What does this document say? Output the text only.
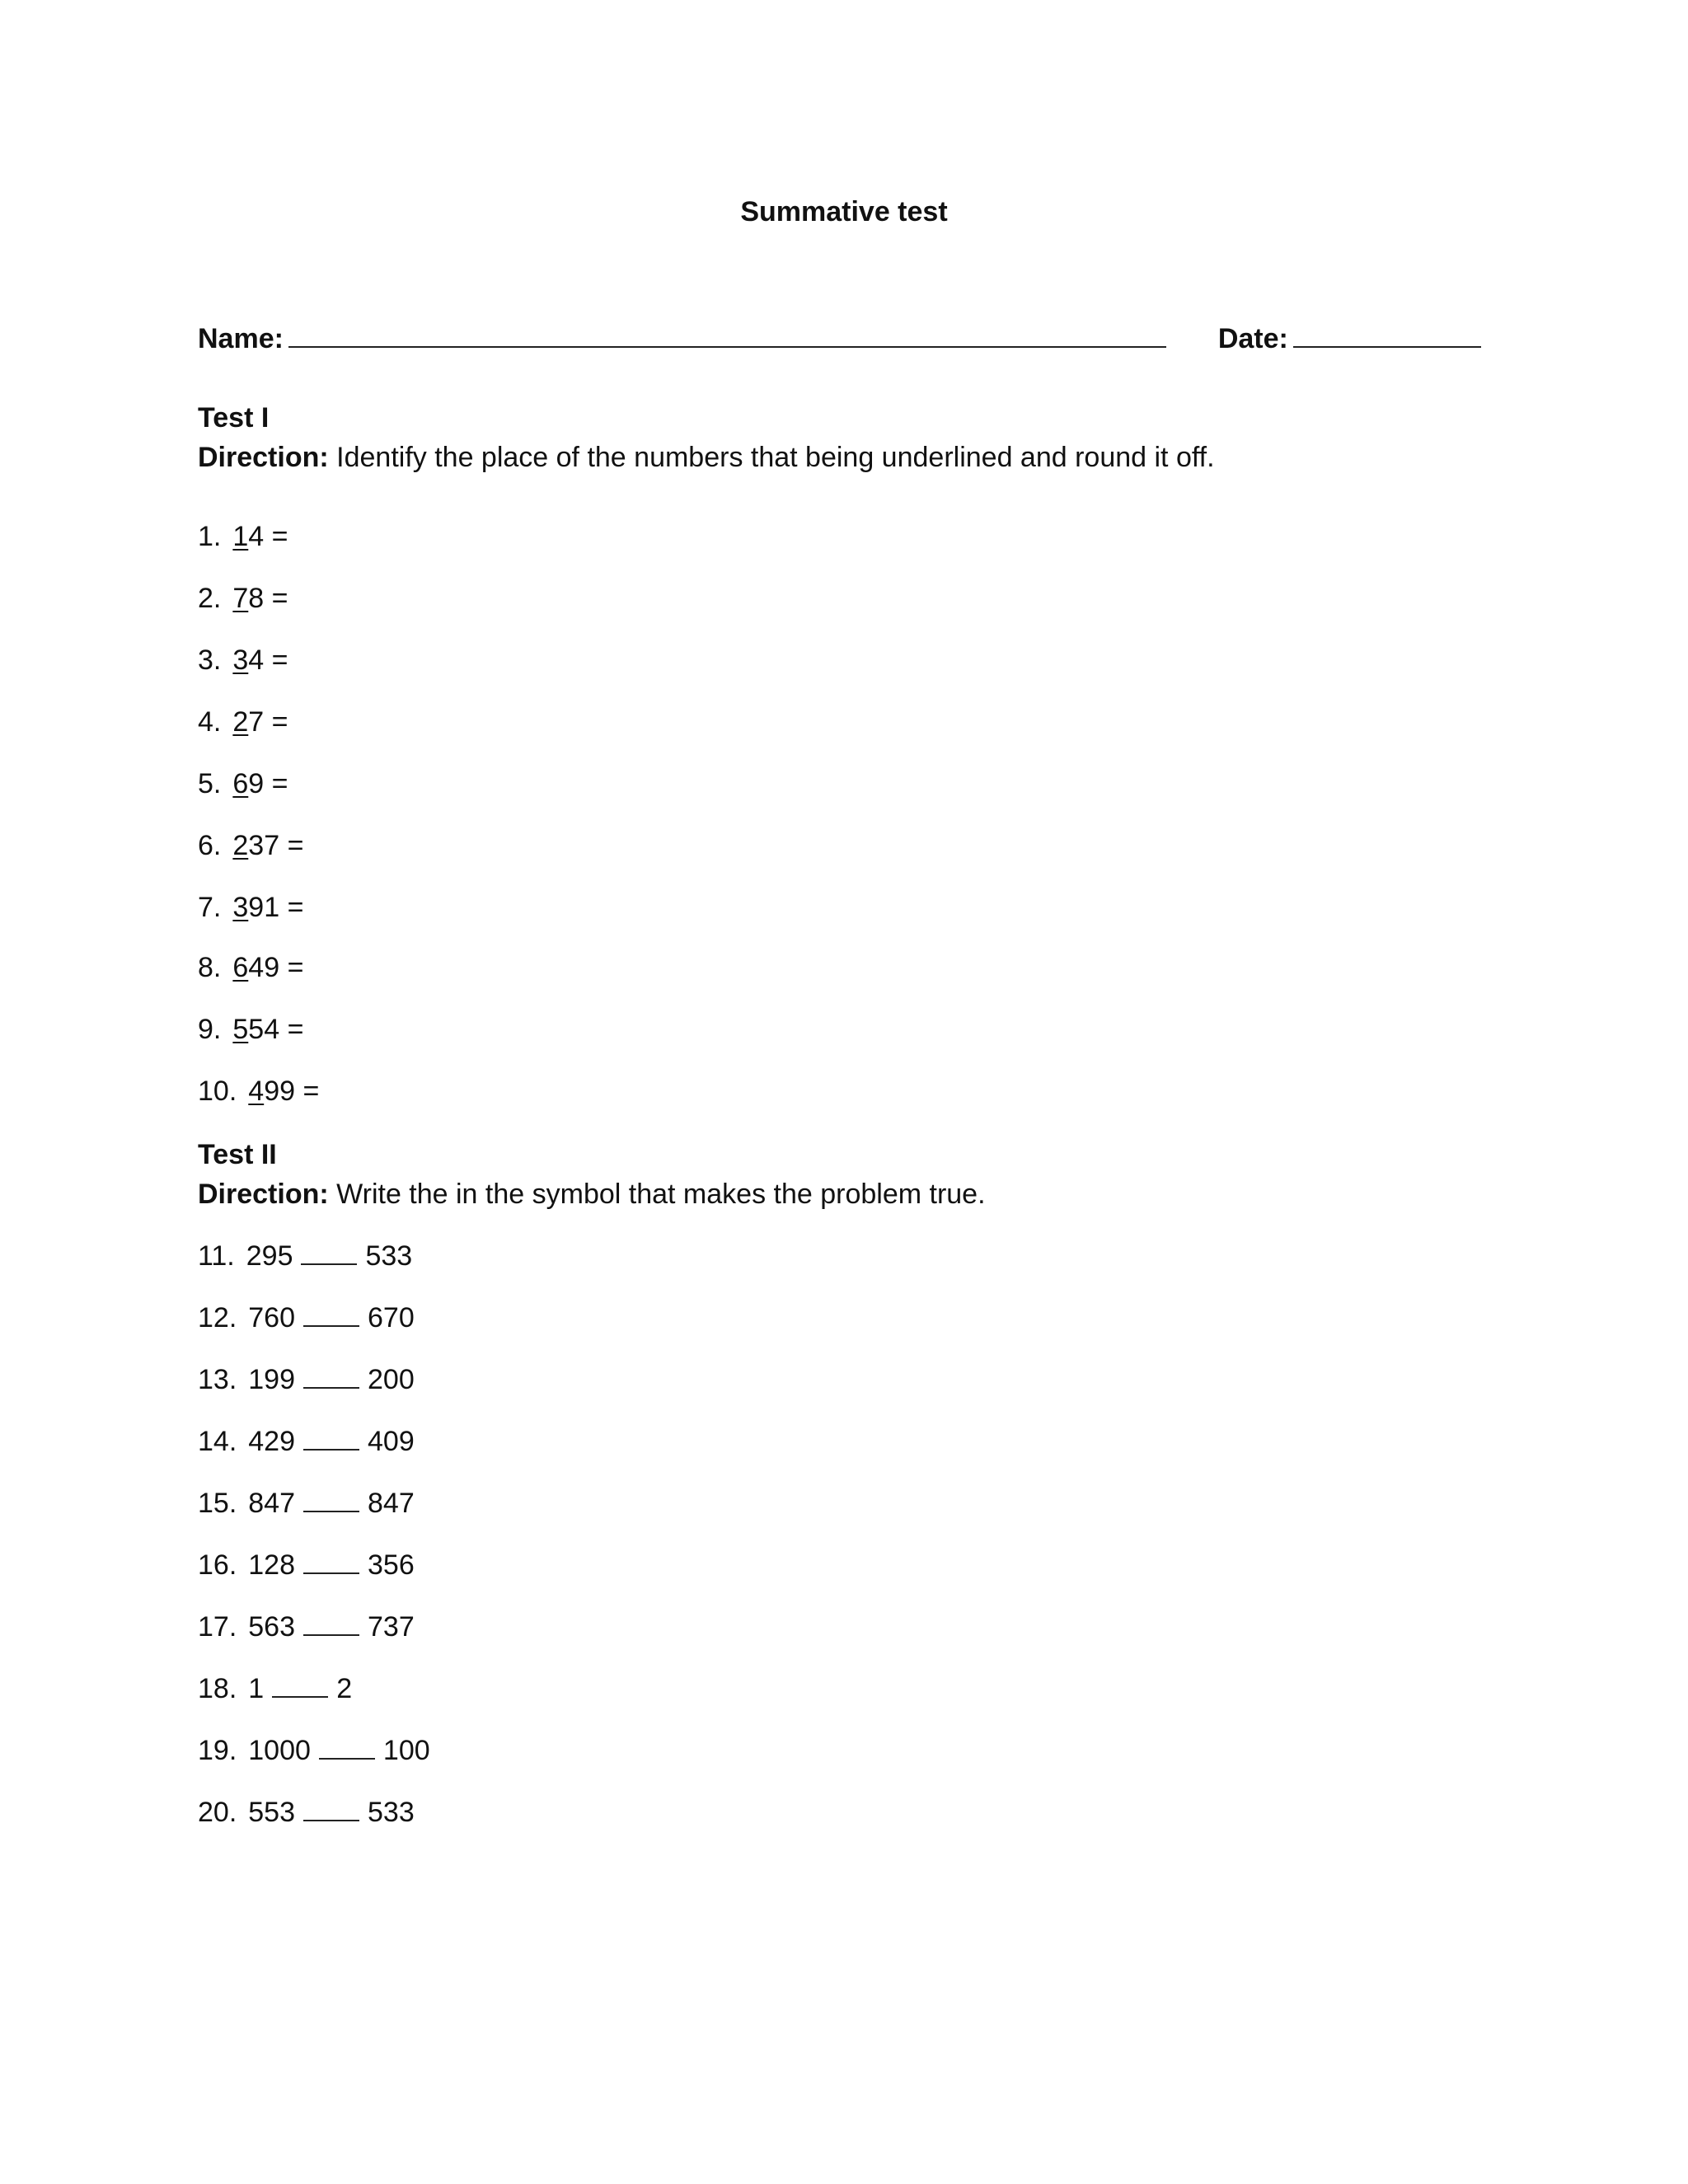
Summative test
Name:	Date:
Test I
Direction: Identify the place of the numbers that being underlined and round it off.
1. 14 =
2. 78 =
3. 34 =
4. 27 =
5. 69 =
6. 237 =
7. 391 =
8. 649 =
9. 554 =
10. 499 =
Test II
Direction: Write the in the symbol that makes the problem true.
11. 295	533
12. 760	670
13. 199	200
14. 429	409
15. 847	847
16. 128	356
17. 563	737
18. 1	2
19. 1000	100
20. 553	533
